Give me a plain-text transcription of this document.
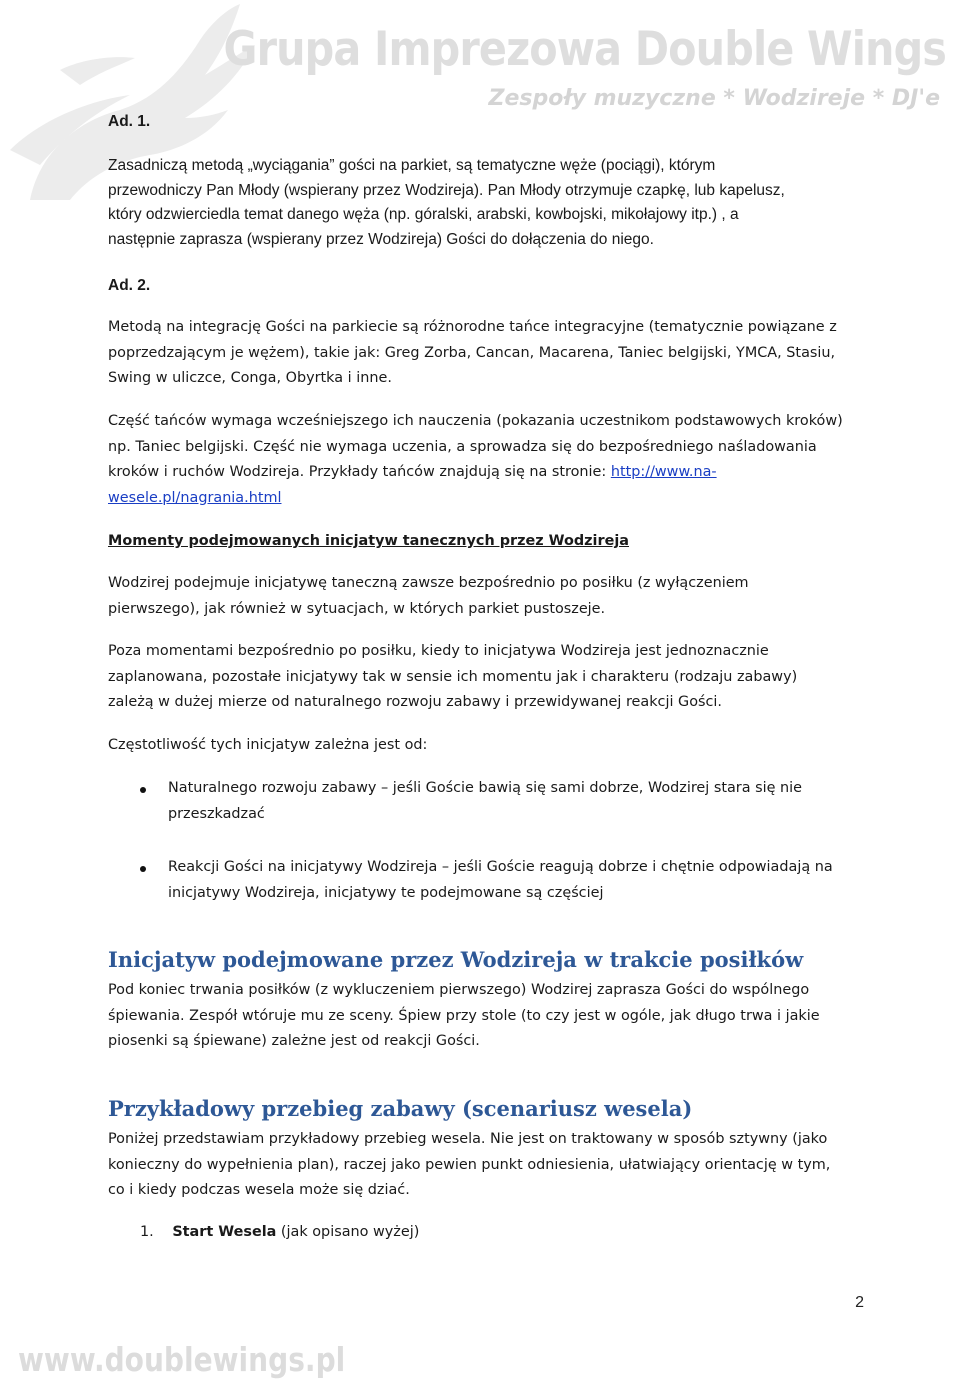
Grupa Imprezowa Double Wings
Zespoły muzyczne * Wodzireje * DJ'e
Ad. 1.
Zasadniczą metodą „wyciągania” gości na parkiet, są tematyczne węże (pociągi), którym
przewodniczy Pan Młody (wspierany przez Wodzireja). Pan Młody otrzymuje czapkę, lub kapelusz,
który odzwierciedla temat danego węża (np. góralski, arabski, kowbojski, mikołajowy itp.) , a
następnie zaprasza (wspierany przez Wodzireja) Gości do dołączenia do niego.
Ad. 2.
Metodą na integrację Gości na parkiecie są różnorodne tańce integracyjne (tematycznie powiązane z
poprzedzającym je wężem), takie jak: Greg Zorba, Cancan, Macarena, Taniec belgijski, YMCA, Stasiu,
Swing w uliczce, Conga, Obyrtka i inne.
Część tańców wymaga wcześniejszego ich nauczenia (pokazania uczestnikom podstawowych kroków)
np. Taniec belgijski. Część nie wymaga uczenia, a sprowadza się do bezpośredniego naśladowania
kroków i ruchów Wodzireja. Przykłady tańców znajdują się na stronie: http://www.na-
wesele.pl/nagrania.html
Momenty podejmowanych inicjatyw tanecznych przez Wodzireja
Wodzirej podejmuje inicjatywę taneczną zawsze bezpośrednio po posiłku (z wyłączeniem
pierwszego), jak również w sytuacjach, w których parkiet pustoszeje.
Poza momentami bezpośrednio po posiłku, kiedy to inicjatywa Wodzireja jest jednoznacznie
zaplanowana, pozostałe inicjatywy tak w sensie ich momentu jak i charakteru (rodzaju zabawy)
zależą w dużej mierze od naturalnego rozwoju zabawy i przewidywanej reakcji Gości.
Częstotliwość tych inicjatyw zależna jest od:
Naturalnego rozwoju zabawy – jeśli Goście bawią się sami dobrze, Wodzirej stara się nie
przeszkadzać
Reakcji Gości na inicjatywy Wodzireja – jeśli Goście reagują dobrze i chętnie odpowiadają na
inicjatywy Wodzireja, inicjatywy te podejmowane są częściej
Inicjatyw podejmowane przez Wodzireja w trakcie posiłków
Pod koniec trwania posiłków (z wykluczeniem pierwszego) Wodzirej zaprasza Gości do wspólnego
śpiewania. Zespół wtóruje mu ze sceny. Śpiew przy stole (to czy jest w ogóle, jak długo trwa i jakie
piosenki są śpiewane) zależne jest od reakcji Gości.
Przykładowy przebieg zabawy (scenariusz wesela)
Poniżej przedstawiam przykładowy przebieg wesela. Nie jest on traktowany w sposób sztywny (jako
konieczny do wypełnienia plan), raczej jako pewien punkt odniesienia, ułatwiający orientację w tym,
co i kiedy podczas wesela może się dziać.
1. Start Wesela (jak opisano wyżej)
2
www.doublewings.pl
